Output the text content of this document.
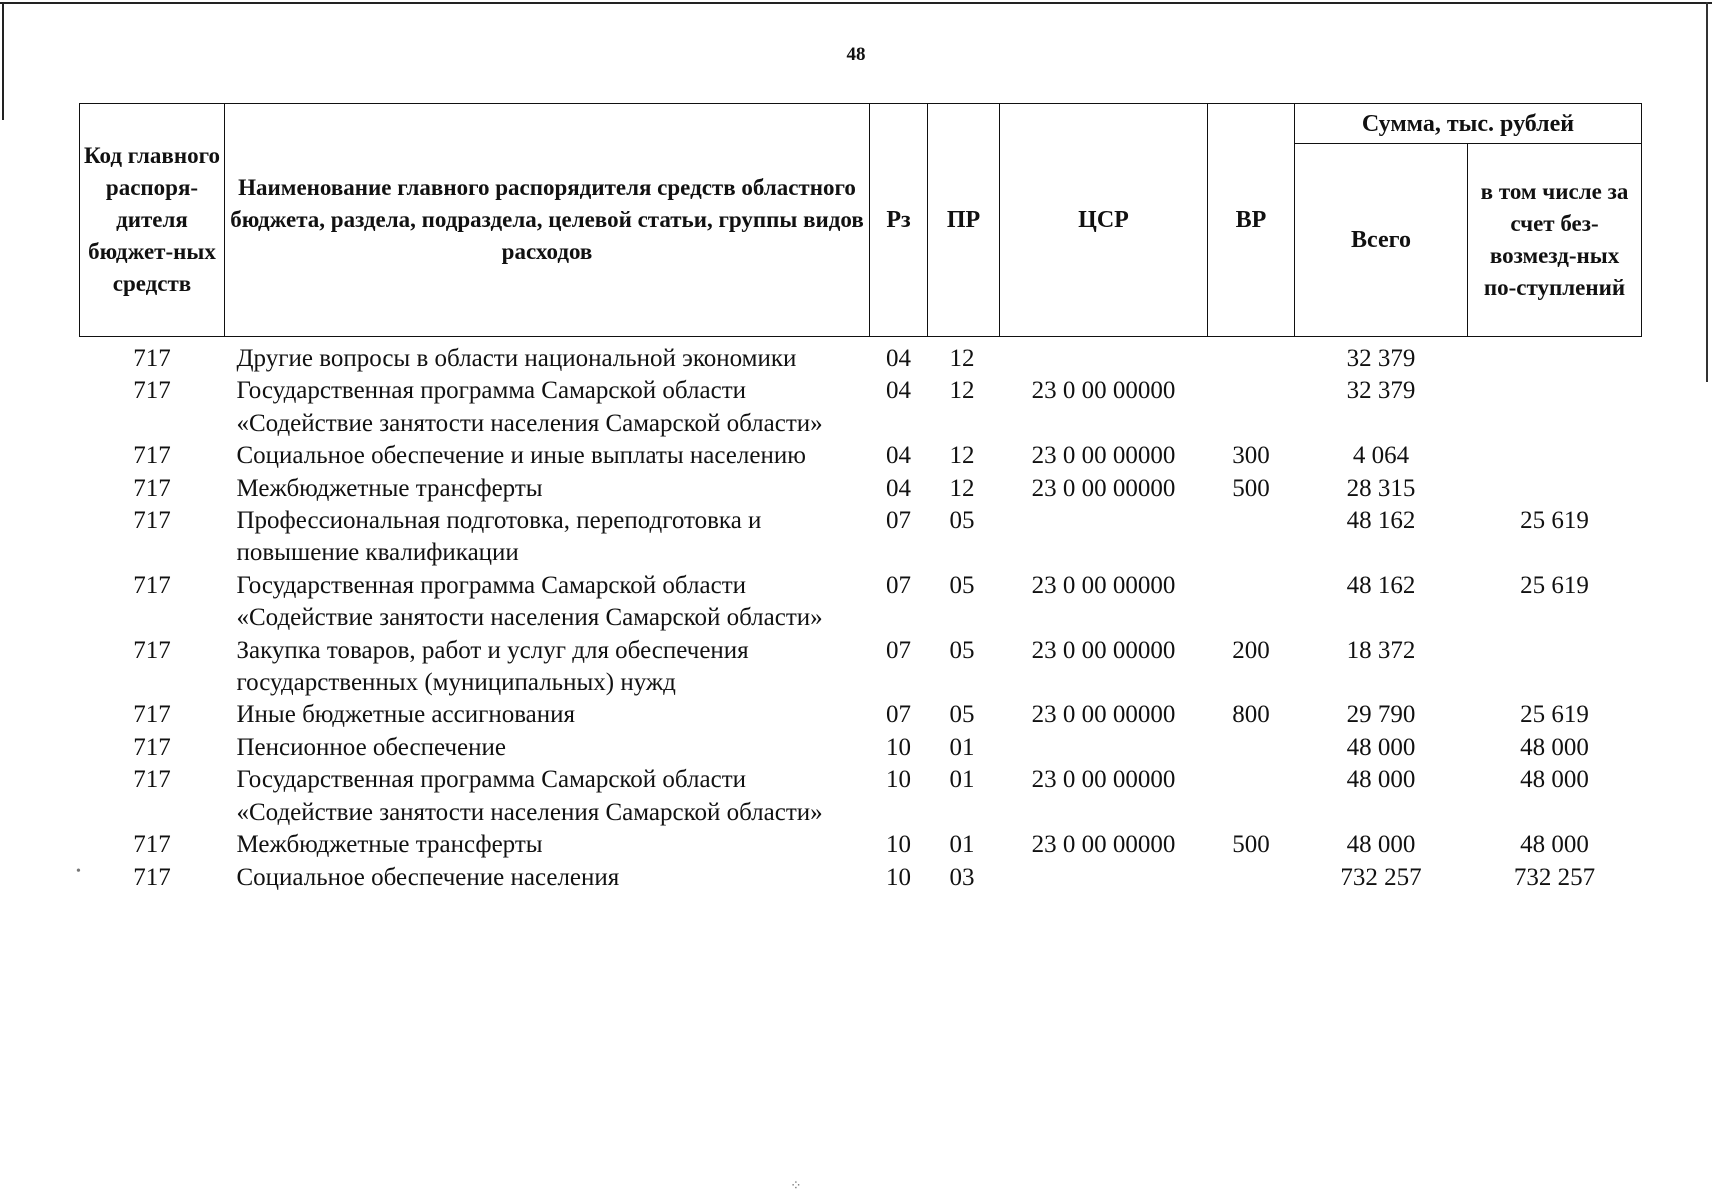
48
Код главного распоря-дителя бюджет-ных средств	Наименование главного распорядителя средств областного бюджета, раздела, подраздела, целевой статьи, группы видов расходов	Рз	ПР	ЦСР	ВР	Сумма, тыс. рублей	
						Всего	в том числе за счет без-возмезд-ных по-ступлений
717	Другие вопросы в области национальной экономики	04	12			32 379	
717	Государственная программа Самарской области «Содействие занятости населения Самарской области»	04	12	23 0 00 00000		32 379	
717	Социальное обеспечение и иные выплаты населению	04	12	23 0 00 00000	300	4 064	
717	Межбюджетные трансферты	04	12	23 0 00 00000	500	28 315	
717	Профессиональная подготовка, переподготовка и повышение квалификации	07	05			48 162	25 619
717	Государственная программа Самарской области «Содействие занятости населения Самарской области»	07	05	23 0 00 00000		48 162	25 619
717	Закупка товаров, работ и услуг для обеспечения государственных (муниципальных) нужд	07	05	23 0 00 00000	200	18 372	
717	Иные бюджетные ассигнования	07	05	23 0 00 00000	800	29 790	25 619
717	Пенсионное обеспечение	10	01			48 000	48 000
717	Государственная программа Самарской области «Содействие занятости населения Самарской области»	10	01	23 0 00 00000		48 000	48 000
717	Межбюджетные трансферты	10	01	23 0 00 00000	500	48 000	48 000
717	Социальное обеспечение населения	10	03			732 257	732 257
•
⁘
